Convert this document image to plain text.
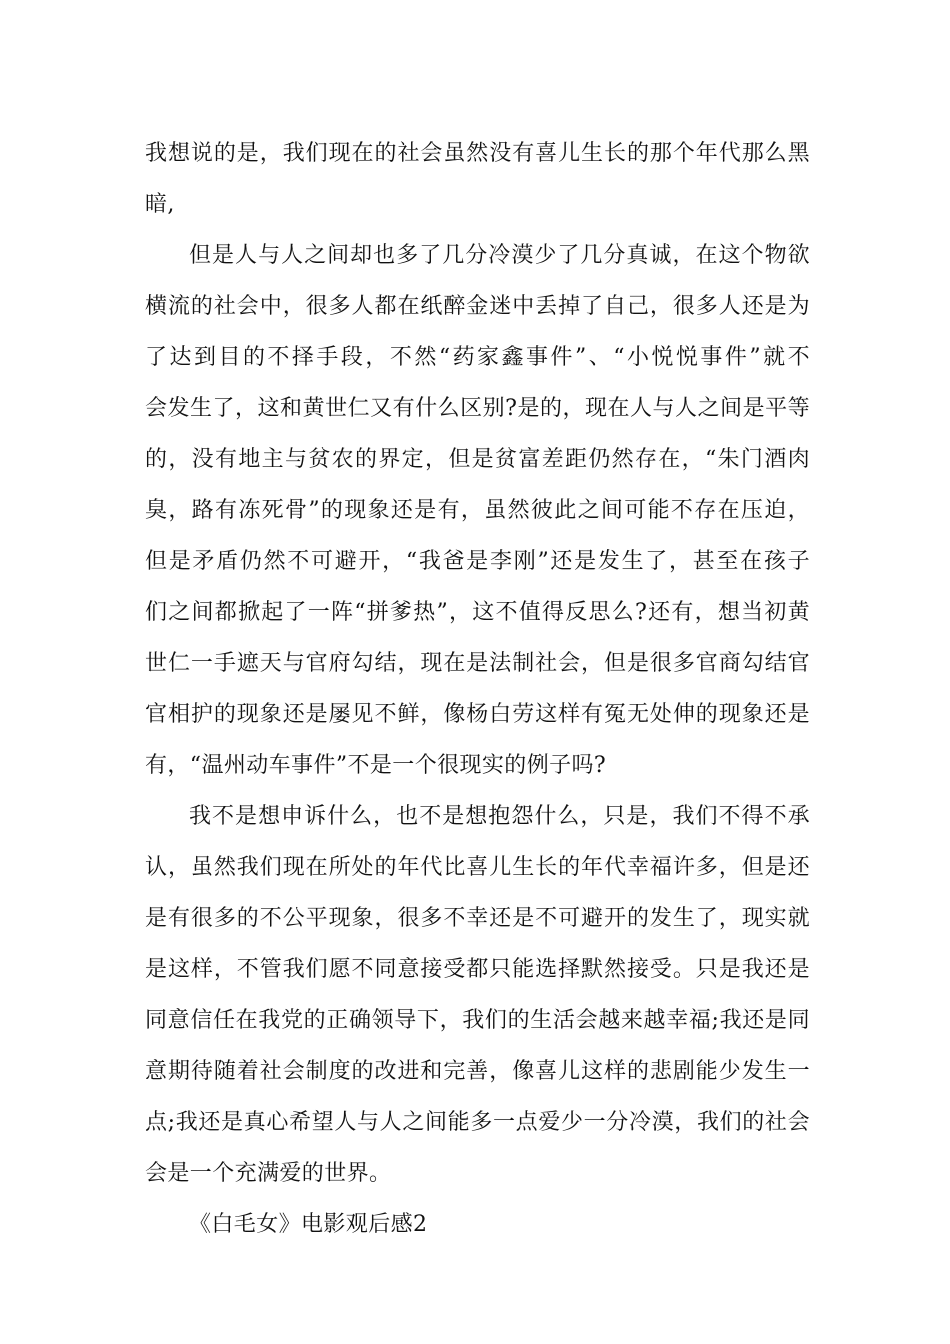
我想说的是，我们现在的社会虽然没有喜儿生长的那个年代那么黑
暗,
但是人与人之间却也多了几分冷漠少了几分真诚，在这个物欲
横流的社会中，很多人都在纸醉金迷中丢掉了自己，很多人还是为
了达到目的不择手段，不然“药家鑫事件”、“小悦悦事件”就不
会发生了，这和黄世仁又有什么区别?是的，现在人与人之间是平等
的，没有地主与贫农的界定，但是贫富差距仍然存在，“朱门酒肉
臭，路有冻死骨”的现象还是有，虽然彼此之间可能不存在压迫，
但是矛盾仍然不可避开，“我爸是李刚”还是发生了，甚至在孩子
们之间都掀起了一阵“拼爹热”，这不值得反思么?还有，想当初黄
世仁一手遮天与官府勾结，现在是法制社会，但是很多官商勾结官
官相护的现象还是屡见不鲜，像杨白劳这样有冤无处伸的现象还是
有，“温州动车事件”不是一个很现实的例子吗?
我不是想申诉什么，也不是想抱怨什么，只是，我们不得不承
认，虽然我们现在所处的年代比喜儿生长的年代幸福许多，但是还
是有很多的不公平现象，很多不幸还是不可避开的发生了，现实就
是这样，不管我们愿不同意接受都只能选择默然接受。只是我还是
同意信任在我党的正确领导下，我们的生活会越来越幸福;我还是同
意期待随着社会制度的改进和完善，像喜儿这样的悲剧能少发生一
点;我还是真心希望人与人之间能多一点爱少一分冷漠，我们的社会
会是一个充满爱的世界。
《白毛女》电影观后感2
